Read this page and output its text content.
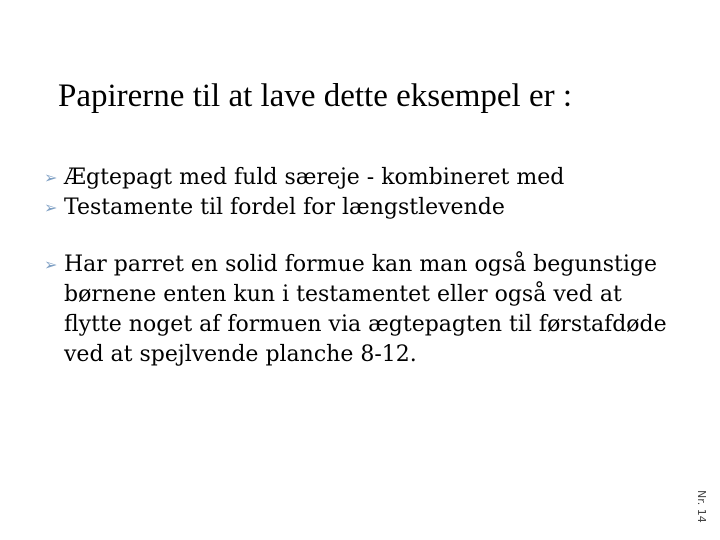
Papirerne til at lave dette eksempel er :
➢ Ægtepagt med fuld særeje - kombineret med
➢ Testamente til fordel for længstlevende
➢ Har parret en solid formue kan man også begunstige børnene enten kun i testamentet eller også ved at flytte noget af formuen via ægtepagten til førstafdøde ved at spejlvende planche 8-12.
Nr. 14
